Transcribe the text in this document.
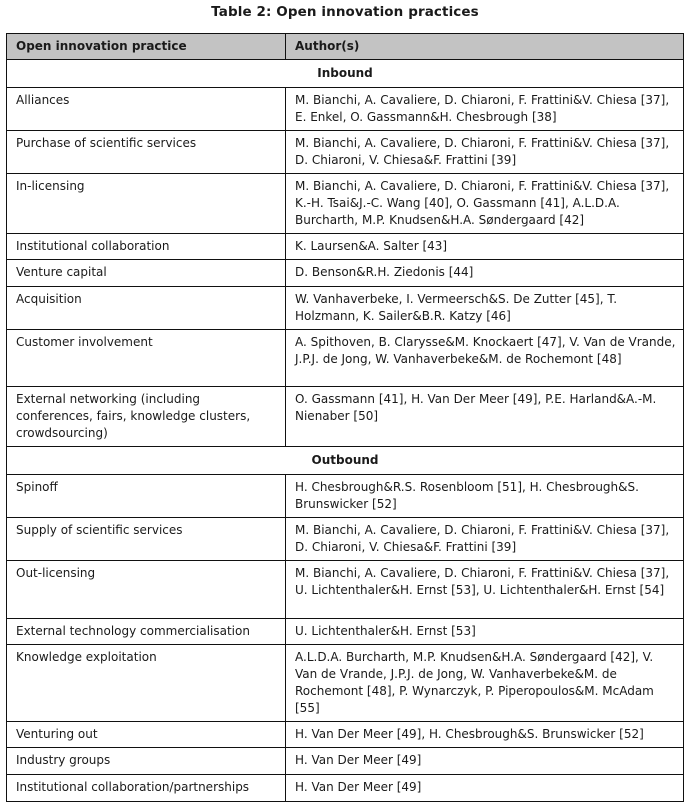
Table 2: Open innovation practices
Open innovation practice	Author(s)
Inbound	
Alliances	M. Bianchi, A. Cavaliere, D. Chiaroni, F. Frattini&V. Chiesa [37], E. Enkel, O. Gassmann&H. Chesbrough [38]
Purchase of scientific services	M. Bianchi, A. Cavaliere, D. Chiaroni, F. Frattini&V. Chiesa [37], D. Chiaroni, V. Chiesa&F. Frattini [39]
In-licensing	M. Bianchi, A. Cavaliere, D. Chiaroni, F. Frattini&V. Chiesa [37], K.-H. Tsai&J.-C. Wang [40], O. Gassmann [41], A.L.D.A. Burcharth, M.P. Knudsen&H.A. Søndergaard [42]
Institutional collaboration	K. Laursen&A. Salter [43]
Venture capital	D. Benson&R.H. Ziedonis [44]
Acquisition	W. Vanhaverbeke, I. Vermeersch&S. De Zutter [45], T. Holzmann, K. Sailer&B.R. Katzy [46]
Customer involvement	A. Spithoven, B. Clarysse&M. Knockaert [47], V. Van de Vrande, J.P.J. de Jong, W. Vanhaverbeke&M. de Rochemont [48]
External networking (including conferences, fairs, knowledge clusters, crowdsourcing)	O. Gassmann [41], H. Van Der Meer [49], P.E. Harland&A.-M. Nienaber [50]
Outbound	
Spinoff	H. Chesbrough&R.S. Rosenbloom [51], H. Chesbrough&S. Brunswicker [52]
Supply of scientific services	M. Bianchi, A. Cavaliere, D. Chiaroni, F. Frattini&V. Chiesa [37], D. Chiaroni, V. Chiesa&F. Frattini [39]
Out-licensing	M. Bianchi, A. Cavaliere, D. Chiaroni, F. Frattini&V. Chiesa [37], U. Lichtenthaler&H. Ernst [53], U. Lichtenthaler&H. Ernst [54]
External technology commercialisation	U. Lichtenthaler&H. Ernst [53]
Knowledge exploitation	A.L.D.A. Burcharth, M.P. Knudsen&H.A. Søndergaard [42], V. Van de Vrande, J.P.J. de Jong, W. Vanhaverbeke&M. de Rochemont [48], P. Wynarczyk, P. Piperopoulos&M. McAdam [55]
Venturing out	H. Van Der Meer [49], H. Chesbrough&S. Brunswicker [52]
Industry groups	H. Van Der Meer [49]
Institutional collaboration/partnerships	H. Van Der Meer [49]
